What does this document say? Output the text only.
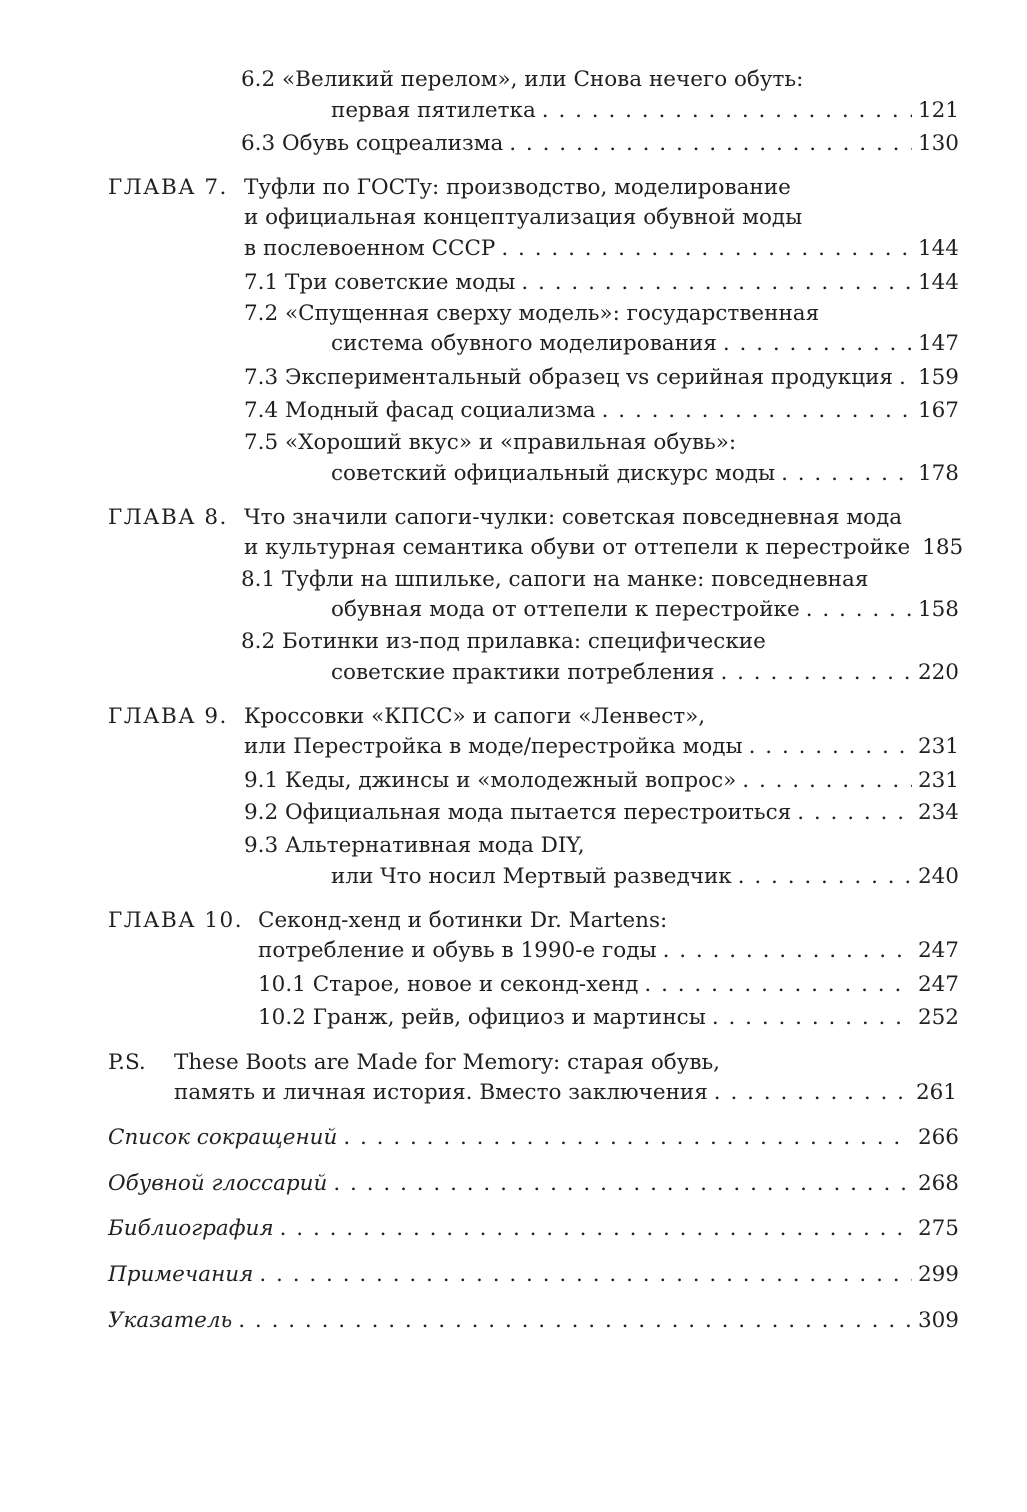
6.2 «Великий перелом», или Снова нечего обуть:
первая пятилетка . . .	121
6.3 Обувь соцреализма . . .	130
ГЛАВА 7. Туфли по ГОСТу: производство, моделирование
и официальная концептуализация обувной моды
в послевоенном СССР . . .	144
7.1 Три советские моды . . .	144
7.2 «Спущенная сверху модель»: государственная
система обувного моделирования . . .	147
7.3 Экспериментальный образец vs серийная продукция . . . 159
7.4 Модный фасад социализма . . .	167
7.5 «Хороший вкус» и «правильная обувь»:
советский официальный дискурс моды . . .	178
ГЛАВА 8. Что значили сапоги-чулки: советская повседневная мода
и культурная семантика обуви от оттепели к перестройке 185
8.1 Туфли на шпильке, сапоги на манке: повседневная
обувная мода от оттепели к перестройке . . .	158
8.2 Ботинки из-под прилавка: специфические
советские практики потребления . . .	220
ГЛАВА 9. Кроссовки «КПСС» и сапоги «Ленвест»,
или Перестройка в моде/перестройка моды . . .	231
9.1 Кеды, джинсы и «молодежный вопрос» . . .	231
9.2 Официальная мода пытается перестроиться . . .	234
9.3 Альтернативная мода DIY,
или Что носил Мертвый разведчик . . .	240
ГЛАВА 10. Секонд-хенд и ботинки Dr. Martens:
потребление и обувь в 1990-е годы . . .	247
10.1 Старое, новое и секонд-хенд . . .	247
10.2 Гранж, рейв, официоз и мартинсы . . .	252
P.S. These Boots are Made for Memory: старая обувь,
память и личная история. Вместо заключения . . .	261
Список сокращений . . .	266
Обувной глоссарий . . .	268
Библиография . . .	275
Примечания . . .	299
Указатель . . .	309
